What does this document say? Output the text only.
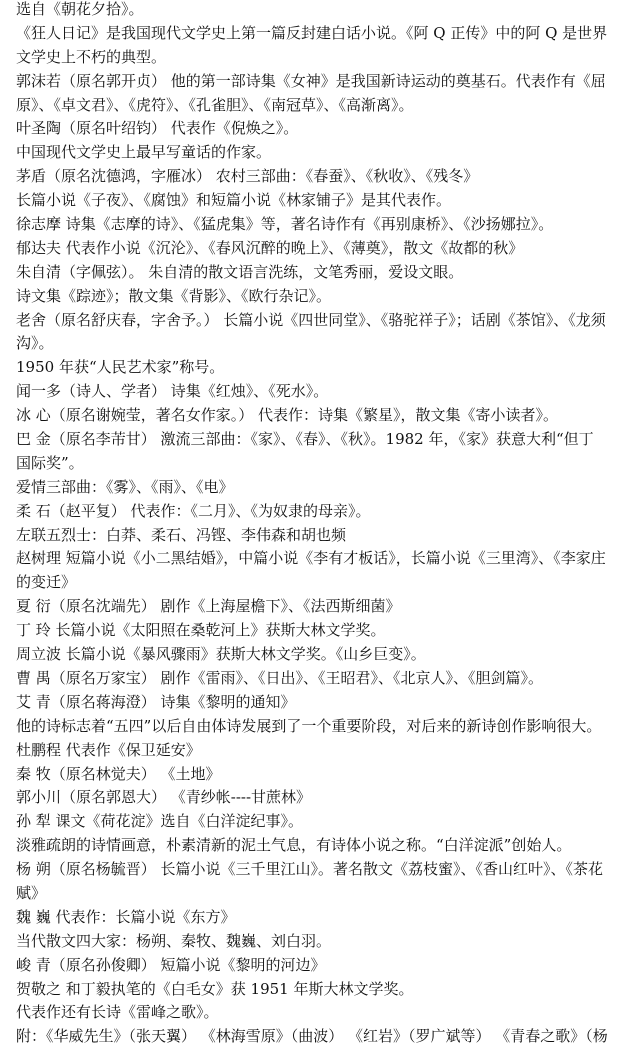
选自《朝花夕拾》。
《狂人日记》是我国现代文学史上第一篇反封建白话小说。《阿 Q 正传》中的阿 Q 是世界
文学史上不朽的典型。
郭沫若（原名郭开贞） 他的第一部诗集《女神》是我国新诗运动的奠基石。代表作有《屈
原》、《卓文君》、《虎符》、《孔雀胆》、《南冠草》、《高渐离》。
叶圣陶（原名叶绍钧） 代表作《倪焕之》。
中国现代文学史上最早写童话的作家。
茅盾（原名沈德鸿，字雁冰） 农村三部曲：《春蚕》、《秋收》、《残冬》
长篇小说《子夜》、《腐蚀》和短篇小说《林家铺子》是其代表作。
徐志摩 诗集《志摩的诗》、《猛虎集》等，著名诗作有《再别康桥》、《沙扬娜拉》。
郁达夫 代表作小说《沉沦》、《春风沉醉的晚上》、《薄奠》，散文《故都的秋》
朱自清（字佩弦）。 朱自清的散文语言洗练，文笔秀丽，爱设文眼。
诗文集《踪迹》；散文集《背影》、《欧行杂记》。
老舍（原名舒庆春，字舍予。） 长篇小说《四世同堂》、《骆驼祥子》；话剧《茶馆》、《龙须
沟》。
1950 年获“人民艺术家”称号。
闻一多（诗人、学者） 诗集《红烛》、《死水》。
冰 心（原名谢婉莹，著名女作家。） 代表作：诗集《繁星》，散文集《寄小读者》。
巴 金（原名李芾甘） 激流三部曲：《家》、《春》、《秋》。1982 年，《家》获意大利“但丁
国际奖”。
爱情三部曲：《雾》、《雨》、《电》
柔 石（赵平复） 代表作：《二月》、《为奴隶的母亲》。
左联五烈士：白莽、柔石、冯铿、李伟森和胡也频
赵树理 短篇小说《小二黑结婚》，中篇小说《李有才板话》，长篇小说《三里湾》、《李家庄
的变迁》
夏 衍（原名沈端先） 剧作《上海屋檐下》、《法西斯细菌》
丁 玲 长篇小说《太阳照在桑乾河上》获斯大林文学奖。
周立波 长篇小说《暴风骤雨》获斯大林文学奖。《山乡巨变》。
曹 禺（原名万家宝） 剧作《雷雨》、《日出》、《王昭君》、《北京人》、《胆剑篇》。
艾 青（原名蒋海澄） 诗集《黎明的通知》
他的诗标志着“五四”以后自由体诗发展到了一个重要阶段，对后来的新诗创作影响很大。
杜鹏程 代表作《保卫延安》
秦 牧（原名林觉夫） 《土地》
郭小川（原名郭恩大） 《青纱帐----甘蔗林》
孙 犁 课文《荷花淀》选自《白洋淀纪事》。
淡雅疏朗的诗情画意，朴素清新的泥土气息，有诗体小说之称。“白洋淀派”创始人。
杨 朔（原名杨毓晋） 长篇小说《三千里江山》。著名散文《荔枝蜜》、《香山红叶》、《茶花
赋》
魏 巍 代表作：长篇小说《东方》
当代散文四大家：杨朔、秦牧、魏巍、刘白羽。
峻 青（原名孙俊卿） 短篇小说《黎明的河边》
贺敬之 和丁毅执笔的《白毛女》获 1951 年斯大林文学奖。
代表作还有长诗《雷峰之歌》。
附：《华威先生》（张天翼） 《林海雪原》（曲波） 《红岩》（罗广斌等） 《青春之歌》（杨
